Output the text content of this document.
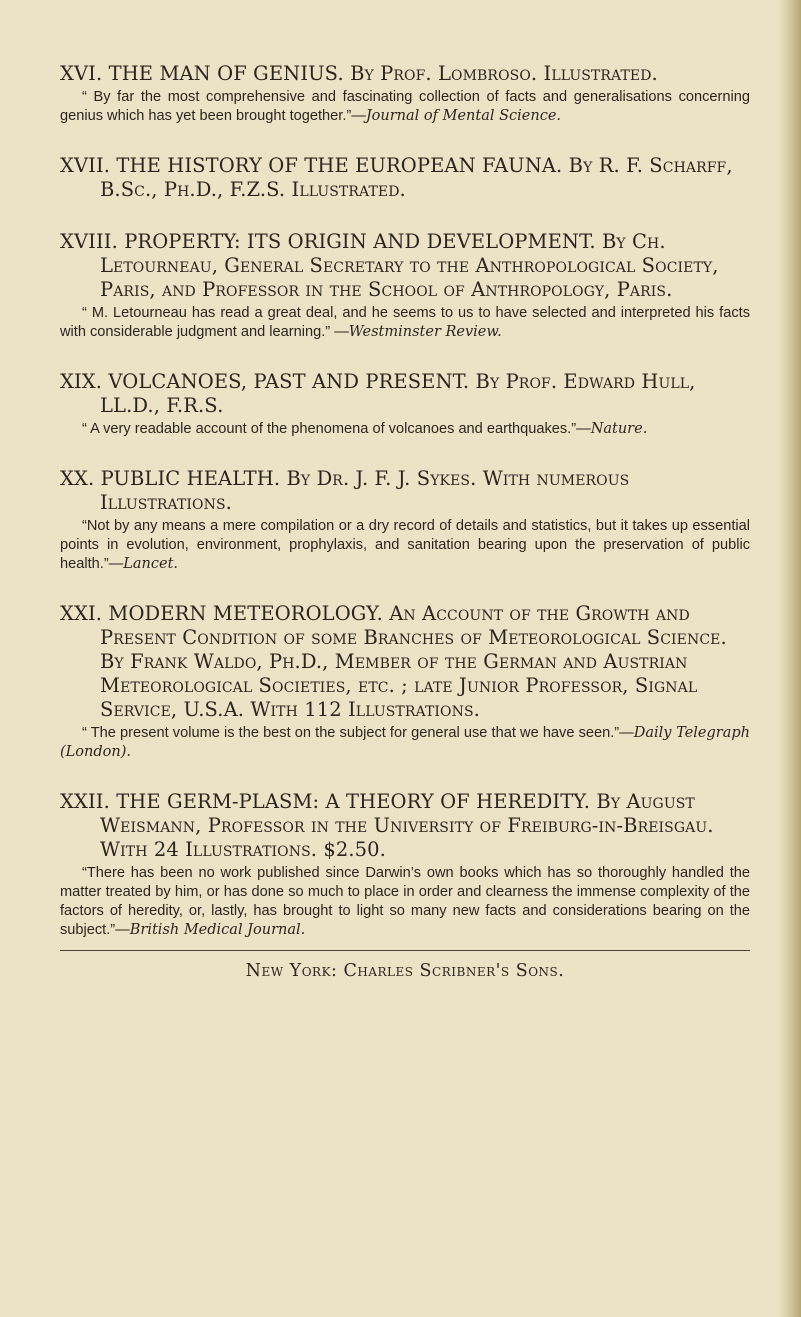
XVI. THE MAN OF GENIUS. By Prof. Lombroso. Illustrated.
“ By far the most comprehensive and fascinating collection of facts and generalisations concerning genius which has yet been brought together.”—Journal of Mental Science.
XVII. THE HISTORY OF THE EUROPEAN FAUNA. By R. F. Scharff, B.Sc., Ph.D., F.Z.S. Illustrated.
XVIII. PROPERTY: ITS ORIGIN AND DEVELOPMENT. By Ch. Letourneau, General Secretary to the Anthropological Society, Paris, and Professor in the School of Anthropology, Paris.
“ M. Letourneau has read a great deal, and he seems to us to have selected and interpreted his facts with considerable judgment and learning.” —Westminster Review.
XIX. VOLCANOES, PAST AND PRESENT. By Prof. Edward Hull, LL.D., F.R.S.
“ A very readable account of the phenomena of volcanoes and earthquakes.”—Nature.
XX. PUBLIC HEALTH. By Dr. J. F. J. Sykes. With numerous Illustrations.
“Not by any means a mere compilation or a dry record of details and statistics, but it takes up essential points in evolution, environment, prophylaxis, and sanitation bearing upon the preservation of public health.”—Lancet.
XXI. MODERN METEOROLOGY. An Account of the Growth and Present Condition of some Branches of Meteorological Science. By Frank Waldo, Ph.D., Member of the German and Austrian Meteorological Societies, etc. ; late Junior Professor, Signal Service, U.S.A. With 112 Illustrations.
“ The present volume is the best on the subject for general use that we have seen.”—Daily Telegraph (London).
XXII. THE GERM-PLASM: A THEORY OF HEREDITY. By August Weismann, Professor in the University of Freiburg-in-Breisgau. With 24 Illustrations. $2.50.
“There has been no work published since Darwin’s own books which has so thoroughly handled the matter treated by him, or has done so much to place in order and clearness the immense complexity of the factors of heredity, or, lastly, has brought to light so many new facts and considerations bearing on the subject.”—British Medical Journal.
New York: Charles Scribner's Sons.
